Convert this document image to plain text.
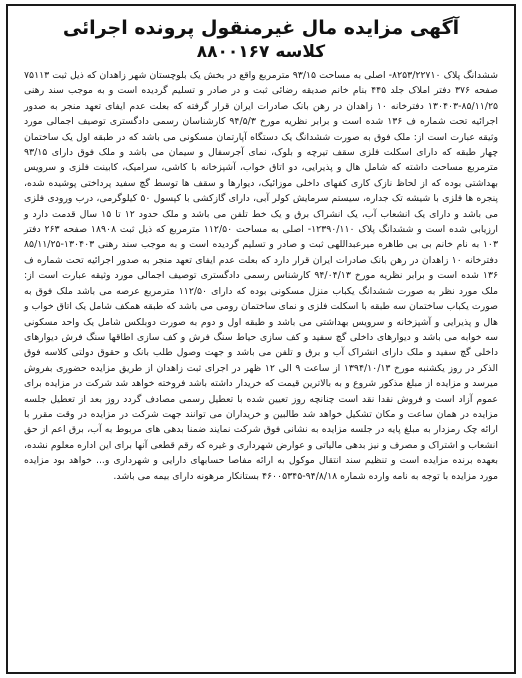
آگهی مزایده مال غیرمنقول پرونده اجرائی
کلاسه ۸۸۰۰۱۶۷

ششدانگ پلاک ۸۲۵۳/۲۲۷۱۰- اصلی به مساحت ۹۳/۱۵ مترمربع واقع در بخش یک بلوچستان شهر زاهدان که ذیل ثبت ۷۵۱۱۳ صفحه ۳۷۶ دفتر املاک جلد ۴۴۵ بنام خانم صدیقه رضائی ثبت و در صادر و تسلیم گردیده است و به موجب سند رهنی ۸۵/۱۱/۲۵-۱۳۰۴۰۳ دفترخانه ۱۰ زاهدان در رهن بانک صادرات ایران قرار گرفته که بعلت عدم ایفای تعهد منجر به صدور اجرائیه تحت شماره ف ۱۳۶ شده است و برابر نظریه مورخ ۹۴/۵/۳ کارشناسان رسمی دادگستری توصیف اجمالی مورد وثیقه عبارت است از: ملک فوق به صورت ششدانگ یک دستگاه آپارتمان مسکونی می باشد که در طبقه اول یک ساختمان چهار طبقه که دارای اسکلت فلزی سقف تیرچه و بلوک، نمای آجرسفال و سیمان می باشد و ملک فوق دارای ۹۳/۱۵ مترمربع مساحت داشته که شامل هال و پذیرایی، دو اتاق خواب، آشپزخانه با کاشی، سرامیک، کابینت فلزی و سرویس بهداشتی بوده که از لحاظ نازک کاری کفهای داخلی موزائیک، دیوارها و سقف ها توسط گچ سفید پرداختی پوشیده شده، پنجره ها فلزی با شیشه تک جداره، سیستم سرمایش کولر آبی، دارای گازکشی با کپسول ۵۰ کیلوگرمی، درب ورودی فلزی می باشد و دارای یک انشعاب آب، یک انشراک برق و یک خط تلفن می باشد و ملک حدود ۱۲ تا ۱۵ سال قدمت دارد و ارزیابی شده است و ششدانگ پلاک ۱۲۳۹۰/۱۱۰- اصلی به مساحت ۱۱۲/۵۰ مترمربع که ذیل ثبت ۱۸۹۰۸ صفحه ۲۶۳ دفتر ۱۰۳ به نام خانم بی بی طاهره میرعبداللهی ثبت و صادر و تسلیم گردیده است و به موجب سند رهنی ۱۳۰۴۰۳-۸۵/۱۱/۲۵ دفترخانه ۱۰ زاهدان در رهن بانک صادرات ایران قرار دارد که بعلت عدم ایفای تعهد منجر به صدور اجرائیه تحت شماره ف ۱۳۶ شده است و برابر نظریه مورخ ۹۴/۰۴/۱۳ کارشناس رسمی دادگستری توصیف اجمالی مورد وثیقه عبارت است از: ملک مورد نظر به صورت ششدانگ یکباب منزل مسکونی بوده که دارای ۱۱۲/۵۰ مترمربع عرصه می باشد ملک فوق به صورت یکباب ساختمان سه طبقه با اسکلت فلزی و نمای ساختمان رومی می باشد که طبقه همکف شامل یک اتاق خواب و هال و پذیرایی و آشپزخانه و سرویس بهداشتی می باشد و طبقه اول و دوم به صورت دوبلکس شامل یک واحد مسکونی سه خوابه می باشد و دیوارهای داخلی گچ سفید و کف سازی حیاط سنگ فرش و کف سازی اطاقها سنگ فرش دیوارهای داخلی گچ سفید و ملک دارای انشراک آب و برق و تلفن می باشد و جهت وصول طلب بانک و حقوق دولتی کلاسه فوق الذکر در روز یکشنبه مورخ ۱۳۹۴/۱۰/۱۳ از ساعت ۹ الی ۱۲ ظهر در اجرای ثبت زاهدان از طریق مزایده حضوری بفروش میرسد و مزایده از مبلغ مذکور شروع و به بالاترین قیمت که خریدار داشته باشد فروخته خواهد شد شرکت در مزایده برای عموم آزاد است و فروش نقدا نقد است چنانچه روز تعیین شده با تعطیل رسمی مصادف گردد روز بعد از تعطیل جلسه مزایده در همان ساعت و مکان تشکیل خواهد شد طالبین و خریداران می توانند جهت شرکت در مزایده در وقت مقرر با ارائه چک رمزدار به مبلغ پایه در جلسه مزایده به نشانی فوق شرکت نمایند ضمنا بدهی های مربوط به آب، برق اعم از حق انشعاب و اشتراک و مصرف و نیز بدهی مالیاتی و عوارض شهرداری و غیره که رقم قطعی آنها برای این اداره معلوم نشده، بعهده برنده مزایده است و تنظیم سند انتقال موکول به ارائه مفاصا حسابهای دارایی و شهرداری و... خواهد بود مزایده مورد مزایده با توجه به نامه وارده شماره ۹۴/۸/۱۸-۴۶۰۰۵۳۴۵ بستانکار مرهونه دارای بیمه می باشد.
